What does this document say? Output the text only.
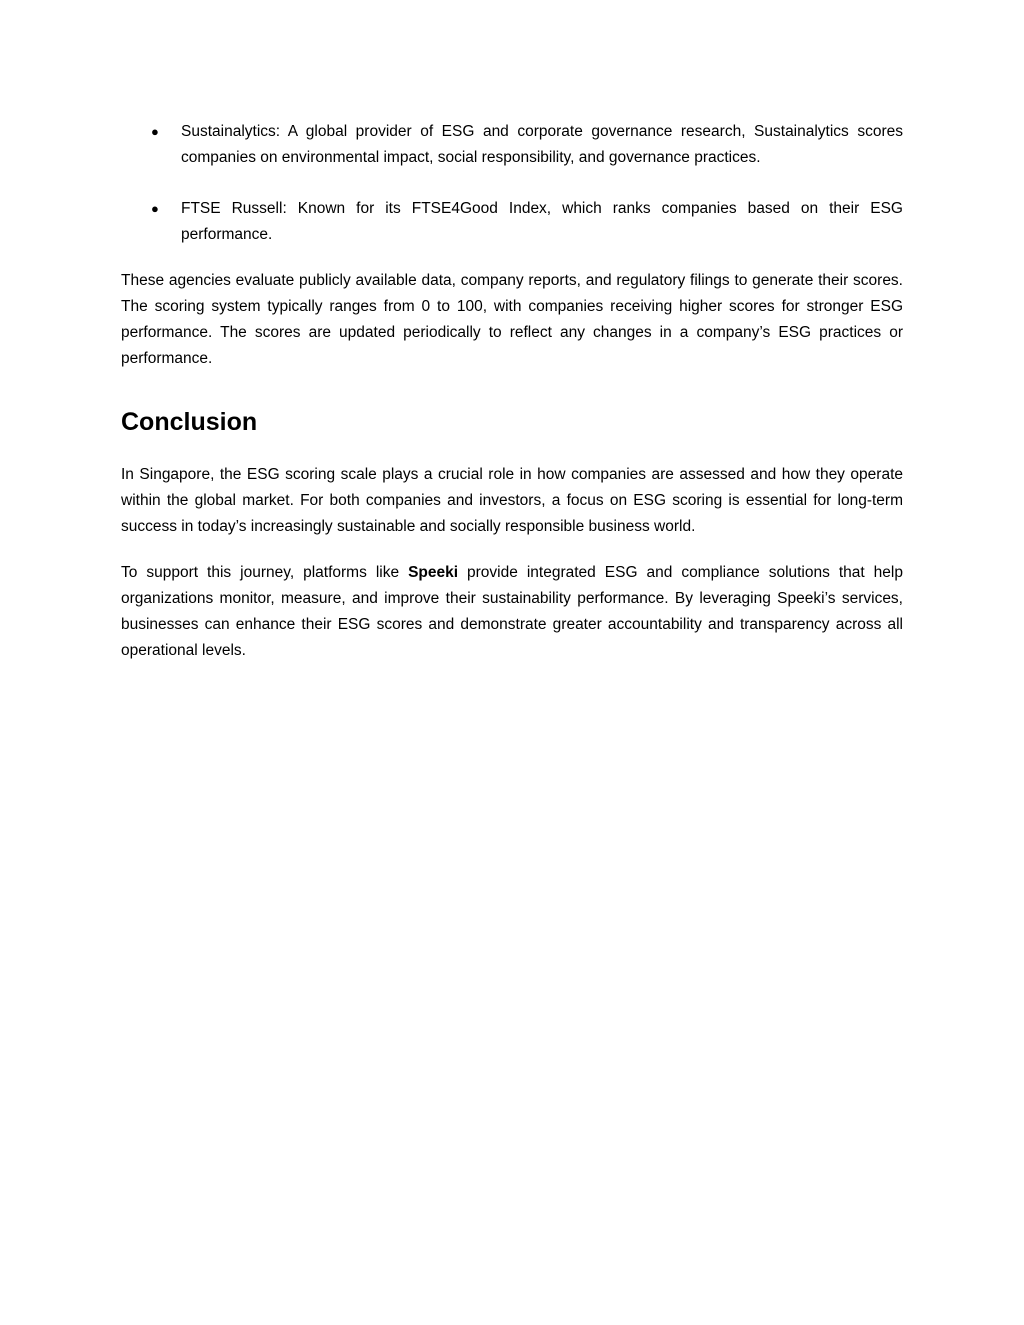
● Sustainalytics: A global provider of ESG and corporate governance research, Sustainalytics scores companies on environmental impact, social responsibility, and governance practices.
● FTSE Russell: Known for its FTSE4Good Index, which ranks companies based on their ESG performance.

These agencies evaluate publicly available data, company reports, and regulatory filings to generate their scores. The scoring system typically ranges from 0 to 100, with companies receiving higher scores for stronger ESG performance. The scores are updated periodically to reflect any changes in a company’s ESG practices or performance.

Conclusion

In Singapore, the ESG scoring scale plays a crucial role in how companies are assessed and how they operate within the global market. For both companies and investors, a focus on ESG scoring is essential for long-term success in today’s increasingly sustainable and socially responsible business world.

To support this journey, platforms like Speeki provide integrated ESG and compliance solutions that help organizations monitor, measure, and improve their sustainability performance. By leveraging Speeki’s services, businesses can enhance their ESG scores and demonstrate greater accountability and transparency across all operational levels.
